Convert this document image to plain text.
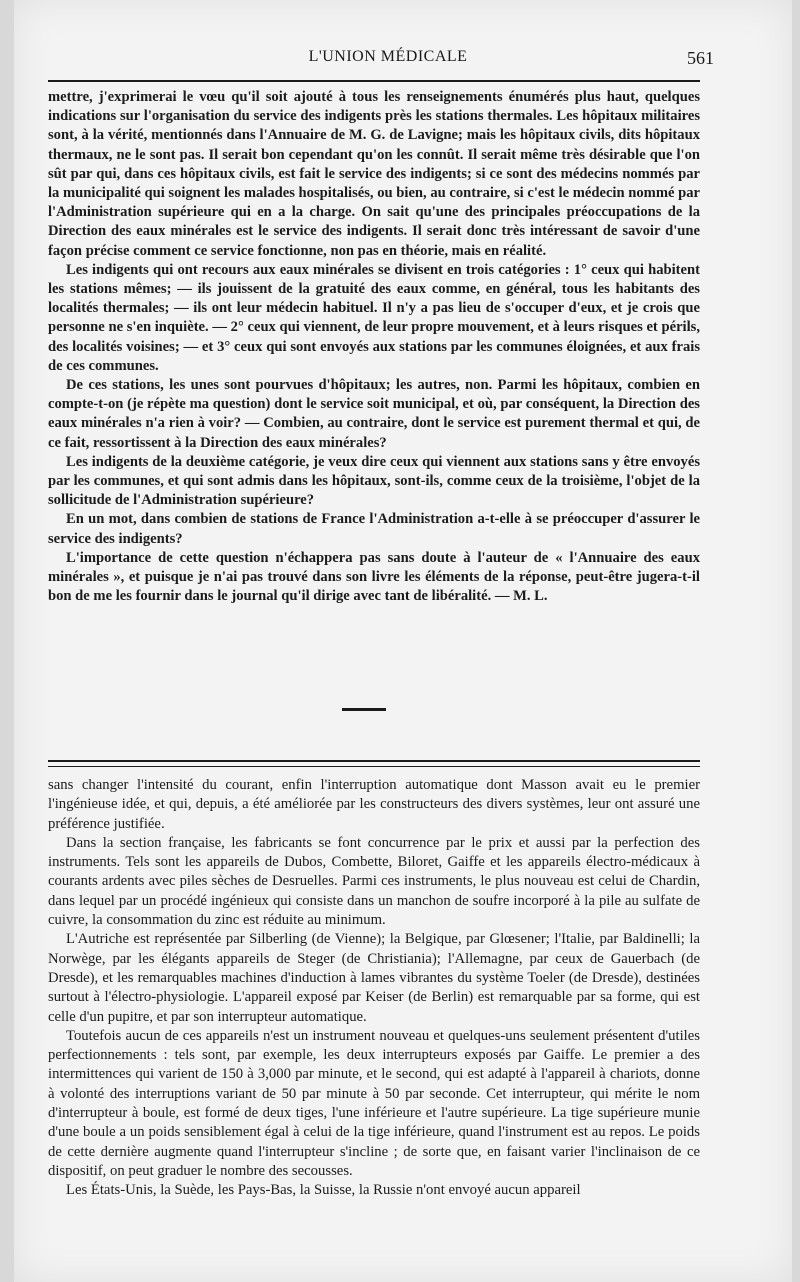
L'UNION MÉDICALE	561

mettre, j'exprimerai le vœu qu'il soit ajouté à tous les renseignements énumérés plus haut, quelques indications sur l'organisation du service des indigents près les stations thermales. Les hôpitaux militaires sont, à la vérité, mentionnés dans l'Annuaire de M. G. de Lavigne; mais les hôpitaux civils, dits hôpitaux thermaux, ne le sont pas. Il serait bon cependant qu'on les connût. Il serait même très désirable que l'on sût par qui, dans ces hôpitaux civils, est fait le service des indigents; si ce sont des médecins nommés par la municipalité qui soignent les malades hospitalisés, ou bien, au contraire, si c'est le médecin nommé par l'Administration supérieure qui en a la charge. On sait qu'une des principales préoccupations de la Direction des eaux minérales est le service des indigents. Il serait donc très intéressant de savoir d'une façon précise comment ce service fonctionne, non pas en théorie, mais en réalité.

Les indigents qui ont recours aux eaux minérales se divisent en trois catégories : 1° ceux qui habitent les stations mêmes; — ils jouissent de la gratuité des eaux comme, en général, tous les habitants des localités thermales; — ils ont leur médecin habituel. Il n'y a pas lieu de s'occuper d'eux, et je crois que personne ne s'en inquiète. — 2° ceux qui viennent, de leur propre mouvement, et à leurs risques et périls, des localités voisines; — et 3° ceux qui sont envoyés aux stations par les communes éloignées, et aux frais de ces communes.

De ces stations, les unes sont pourvues d'hôpitaux; les autres, non. Parmi les hôpitaux, combien en compte-t-on (je répète ma question) dont le service soit municipal, et où, par conséquent, la Direction des eaux minérales n'a rien à voir? — Combien, au contraire, dont le service est purement thermal et qui, de ce fait, ressortissent à la Direction des eaux minérales?

Les indigents de la deuxième catégorie, je veux dire ceux qui viennent aux stations sans y être envoyés par les communes, et qui sont admis dans les hôpitaux, sont-ils, comme ceux de la troisième, l'objet de la sollicitude de l'Administration supérieure?

En un mot, dans combien de stations de France l'Administration a-t-elle à se préoccuper d'assurer le service des indigents?

L'importance de cette question n'échappera pas sans doute à l'auteur de « l'Annuaire des eaux minérales », et puisque je n'ai pas trouvé dans son livre les éléments de la réponse, peut-être jugera-t-il bon de me les fournir dans le journal qu'il dirige avec tant de libéralité. — M. L.

sans changer l'intensité du courant, enfin l'interruption automatique dont Masson avait eu le premier l'ingénieuse idée, et qui, depuis, a été améliorée par les constructeurs des divers systèmes, leur ont assuré une préférence justifiée.

Dans la section française, les fabricants se font concurrence par le prix et aussi par la perfection des instruments. Tels sont les appareils de Dubos, Combette, Biloret, Gaiffe et les appareils électro-médicaux à courants ardents avec piles sèches de Desruelles. Parmi ces instruments, le plus nouveau est celui de Chardin, dans lequel par un procédé ingénieux qui consiste dans un manchon de soufre incorporé à la pile au sulfate de cuivre, la consommation du zinc est réduite au minimum.

L'Autriche est représentée par Silberling (de Vienne); la Belgique, par Glœsener; l'Italie, par Baldinelli; la Norwège, par les élégants appareils de Steger (de Christiania); l'Allemagne, par ceux de Gauerbach (de Dresde), et les remarquables machines d'induction à lames vibrantes du système Toeler (de Dresde), destinées surtout à l'électro-physiologie. L'appareil exposé par Keiser (de Berlin) est remarquable par sa forme, qui est celle d'un pupitre, et par son interrupteur automatique.

Toutefois aucun de ces appareils n'est un instrument nouveau et quelques-uns seulement présentent d'utiles perfectionnements : tels sont, par exemple, les deux interrupteurs exposés par Gaiffe. Le premier a des intermittences qui varient de 150 à 3,000 par minute, et le second, qui est adapté à l'appareil à chariots, donne à volonté des interruptions variant de 50 par minute à 50 par seconde. Cet interrupteur, qui mérite le nom d'interrupteur à boule, est formé de deux tiges, l'une inférieure et l'autre supérieure. La tige supérieure munie d'une boule a un poids sensiblement égal à celui de la tige inférieure, quand l'instrument est au repos. Le poids de cette dernière augmente quand l'interrupteur s'incline ; de sorte que, en faisant varier l'inclinaison de ce dispositif, on peut graduer le nombre des secousses.

Les États-Unis, la Suède, les Pays-Bas, la Suisse, la Russie n'ont envoyé aucun appareil
